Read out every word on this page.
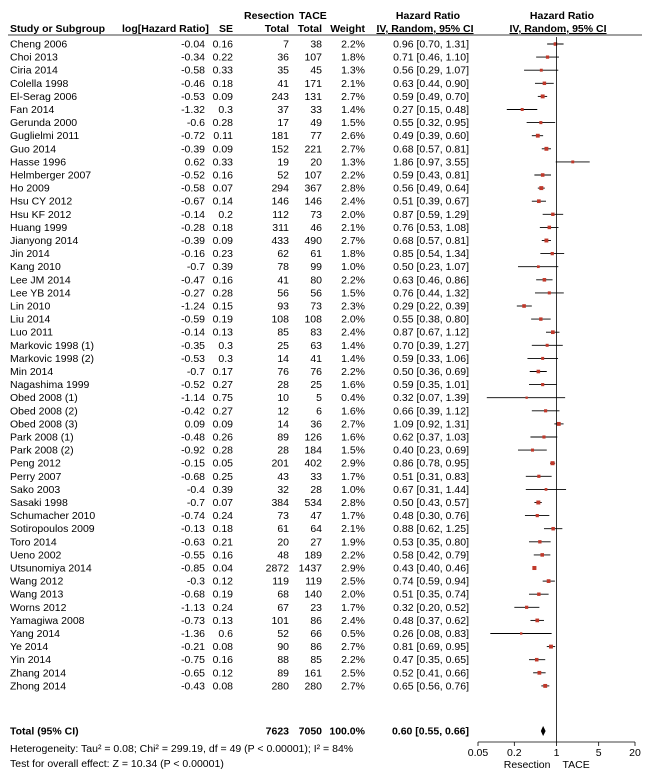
Resection TACE	Hazard Ratio	Hazard Ratio
Study or Subgroup log[Hazard Ratio] SE	Total Total Weight IV, Random, 95% CI	IV, Random, 95% CI
Cheng 2006	-0.04 0.16	7 38 2.2%	0.96 [0.70, 1.31]
Choi 2013	-0.34 0.22	36 107 1.8%	0.71 [0.46, 1.10]
Ciria 2014	-0.58 0.33	35 45 1.3%	0.56 [0.29, 1.07]
Colella 1998	-0.46 0.18	41 171 2.1%	0.63 [0.44, 0.90]
El-Serag 2006	-0.53 0.09	243 131 2.7%	0.59 [0.49, 0.70]
Fan 2014	-1.32 0.3	37 33 1.4%	0.27 [0.15, 0.48]
Gerunda 2000	-0.6 0.28	17 49 1.5%	0.55 [0.32, 0.95]
Guglielmi 2011	-0.72 0.11	181 77 2.6%	0.49 [0.39, 0.60]
Guo 2014	-0.39 0.09	152 221 2.7%	0.68 [0.57, 0.81]
Hasse 1996	0.62 0.33	19 20 1.3%	1.86 [0.97, 3.55]
Helmberger 2007	-0.52 0.16	52 107 2.2%	0.59 [0.43, 0.81]
Ho 2009	-0.58 0.07	294 367 2.8%	0.56 [0.49, 0.64]
Hsu CY 2012	-0.67 0.14	146 146 2.4%	0.51 [0.39, 0.67]
Hsu KF 2012	-0.14 0.2	112 73 2.0%	0.87 [0.59, 1.29]
Huang 1999	-0.28 0.18	311 46 2.1%	0.76 [0.53, 1.08]
Jianyong 2014	-0.39 0.09	433 490 2.7%	0.68 [0.57, 0.81]
Jin 2014	-0.16 0.23	62 61 1.8%	0.85 [0.54, 1.34]
Kang 2010	-0.7 0.39	78 99 1.0%	0.50 [0.23, 1.07]
Lee JM 2014	-0.47 0.16	41 80 2.2%	0.63 [0.46, 0.86]
Lee YB 2014	-0.27 0.28	56 56 1.5%	0.76 [0.44, 1.32]
Lin 2010	-1.24 0.15	93 73 2.3%	0.29 [0.22, 0.39]
Liu 2014	-0.59 0.19	108 108 2.0%	0.55 [0.38, 0.80]
Luo 2011	-0.14 0.13	85 83 2.4%	0.87 [0.67, 1.12]
Markovic 1998 (1)	-0.35 0.3	25 63 1.4%	0.70 [0.39, 1.27]
Markovic 1998 (2)	-0.53 0.3	14 41 1.4%	0.59 [0.33, 1.06]
Min 2014	-0.7 0.17	76 76 2.2%	0.50 [0.36, 0.69]
Nagashima 1999	-0.52 0.27	28 25 1.6%	0.59 [0.35, 1.01]
Obed 2008 (1)	-1.14 0.75	10	5 0.4%	0.32 [0.07, 1.39]
Obed 2008 (2)	-0.42 0.27	12	6 1.6%	0.66 [0.39, 1.12]
Obed 2008 (3)	0.09 0.09	14 36 2.7%	1.09 [0.92, 1.31]
Park 2008 (1)	-0.48 0.26	89 126 1.6%	0.62 [0.37, 1.03]
Park 2008 (2)	-0.92 0.28	28 184 1.5%	0.40 [0.23, 0.69]
Peng 2012	-0.15 0.05	201 402 2.9%	0.86 [0.78, 0.95]
Perry 2007	-0.68 0.25	43 33 1.7%	0.51 [0.31, 0.83]
Sako 2003	-0.4 0.39	32 28 1.0%	0.67 [0.31, 1.44]
Sasaki 1998	-0.7 0.07	384 534 2.8%	0.50 [0.43, 0.57]
Schumacher 2010	-0.74 0.24	73 47 1.7%	0.48 [0.30, 0.76]
Sotiropoulos 2009	-0.13 0.18	61 64 2.1%	0.88 [0.62, 1.25]
Toro 2014	-0.63 0.21	20 27 1.9%	0.53 [0.35, 0.80]
Ueno 2002	-0.55 0.16	48 189 2.2%	0.58 [0.42, 0.79]
Utsunomiya 2014	-0.85 0.04	2872 1437 2.9%	0.43 [0.40, 0.46]
Wang 2012	-0.3 0.12	119 119 2.5%	0.74 [0.59, 0.94]
Wang 2013	-0.68 0.19	68 140 2.0%	0.51 [0.35, 0.74]
Worns 2012	-1.13 0.24	67 23 1.7%	0.32 [0.20, 0.52]
Yamagiwa 2008	-0.73 0.13	101 86 2.4%	0.48 [0.37, 0.62]
Yang 2014	-1.36 0.6	52 66 0.5%	0.26 [0.08, 0.83]
Ye 2014	-0.21 0.08	90 86 2.7%	0.81 [0.69, 0.95]
Yin 2014	-0.75 0.16	88 85 2.2%	0.47 [0.35, 0.65]
Zhang 2014	-0.65 0.12	89 161 2.5%	0.52 [0.41, 0.66]
Zhong 2014	-0.43 0.08	280 280 2.7%	0.65 [0.56, 0.76]
Total (95% CI)	7623 7050 100.0%	0.60 [0.55, 0.66]
0.05 0.2	1	5	20
Resection TACE
Heterogeneity: Tau² = 0.08; Chi² = 299.19, df = 49 (P < 0.00001); I² = 84%
Test for overall effect: Z = 10.34 (P < 0.00001)
